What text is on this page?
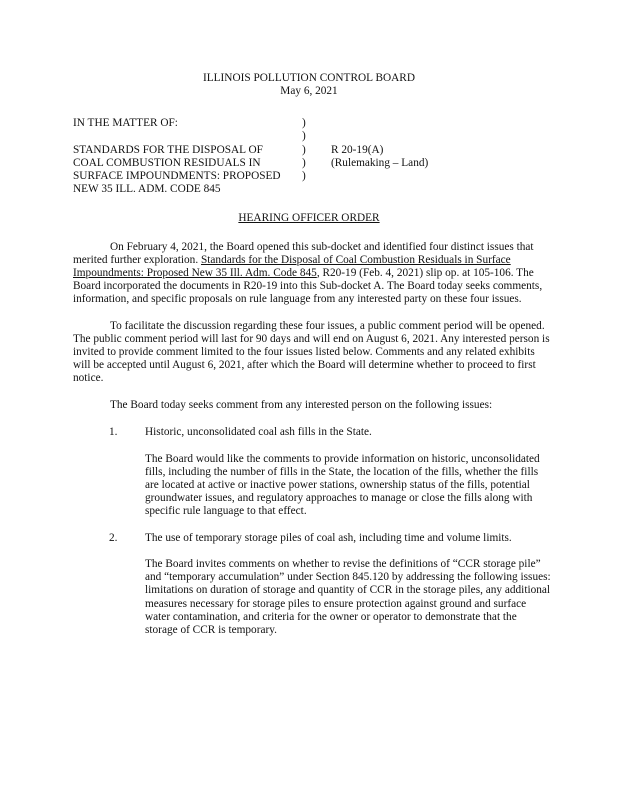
ILLINOIS POLLUTION CONTROL BOARD
May 6, 2021
IN THE MATTER OF:	)
)
STANDARDS FOR THE DISPOSAL OF	) R 20-19(A)
COAL COMBUSTION RESIDUALS IN	) (Rulemaking – Land)
SURFACE IMPOUNDMENTS: PROPOSED )
NEW 35 ILL. ADM. CODE 845
HEARING OFFICER ORDER

On February 4, 2021, the Board opened this sub-docket and identified four distinct issues that merited further exploration. Standards for the Disposal of Coal Combustion Residuals in Surface Impoundments: Proposed New 35 Ill. Adm. Code 845, R20-19 (Feb. 4, 2021) slip op. at 105-106. The Board incorporated the documents in R20-19 into this Sub-docket A. The Board today seeks comments, information, and specific proposals on rule language from any interested party on these four issues.

To facilitate the discussion regarding these four issues, a public comment period will be opened. The public comment period will last for 90 days and will end on August 6, 2021. Any interested person is invited to provide comment limited to the four issues listed below. Comments and any related exhibits will be accepted until August 6, 2021, after which the Board will determine whether to proceed to first notice.

The Board today seeks comment from any interested person on the following issues:

1. Historic, unconsolidated coal ash fills in the State.

The Board would like the comments to provide information on historic, unconsolidated fills, including the number of fills in the State, the location of the fills, whether the fills are located at active or inactive power stations, ownership status of the fills, potential groundwater issues, and regulatory approaches to manage or close the fills along with specific rule language to that effect.

2. The use of temporary storage piles of coal ash, including time and volume limits.

The Board invites comments on whether to revise the definitions of “CCR storage pile” and “temporary accumulation” under Section 845.120 by addressing the following issues: limitations on duration of storage and quantity of CCR in the storage piles, any additional measures necessary for storage piles to ensure protection against ground and surface water contamination, and criteria for the owner or operator to demonstrate that the storage of CCR is temporary.
